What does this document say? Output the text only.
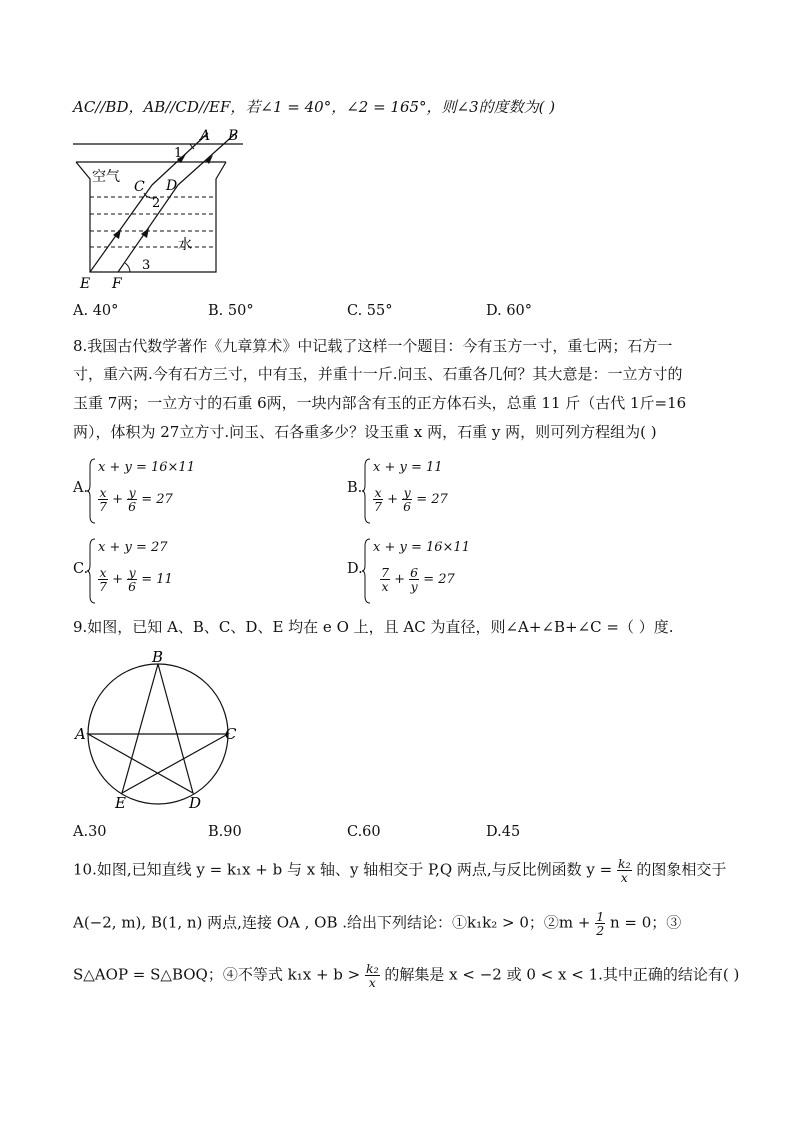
AC//BD，AB//CD//EF，若∠1 = 40°，∠2 = 165°，则∠3的度数为( )
A B
1
空气
C D
2
水
3
E F
A. 40°	B. 50°	C. 55°	D. 60°
8.我国古代数学著作《九章算术》中记载了这样一个题目：今有玉方一寸，重七两；石方一
寸，重六两.今有石方三寸，中有玉，并重十一斤.问玉、石重各几何？其大意是：一立方寸的
玉重 7两；一立方寸的石重 6两，一块内部含有玉的正方体石头，总重 11 斤（古代 1斤=16
两），体积为 27立方寸.问玉、石各重多少？设玉重 x 两，石重 y 两，则可列方程组为( )
A.
x + y = 16×11
$\frac{x}{7} + \frac{y}{6} = 27$
B.
x + y = 11
$\frac{x}{7} + \frac{y}{6} = 27$
C.
x + y = 27
$\frac{x}{7} + \frac{y}{6} = 11$
D.
x + y = 16×11
$\frac{7}{x} + \frac{6}{y} = 27$
9.如图，已知 A、B、C、D、E 均在 e O 上，且 AC 为直径，则∠A+∠B+∠C =（ ）度.
B
A	C
E	D
A.30	B.90	C.60	D.45
10.如图,已知直线 y = k₁x + b 与 x 轴、y 轴相交于 P,Q 两点,与反比例函数 $y = \frac{\text{k₂}}{x}$ 的图象相交于
A(−2, m), B(1, n) 两点,连接 OA , OB .给出下列结论：①k₁k₂ > 0；②m + $\frac{1}{2}$ n = 0；③
S△AOP = S△BOQ；④不等式 $k_1x + b > \frac{\text{k₂}}{x}$ 的解集是 x < −2 或 0 < x < 1.其中正确的结论有( )
